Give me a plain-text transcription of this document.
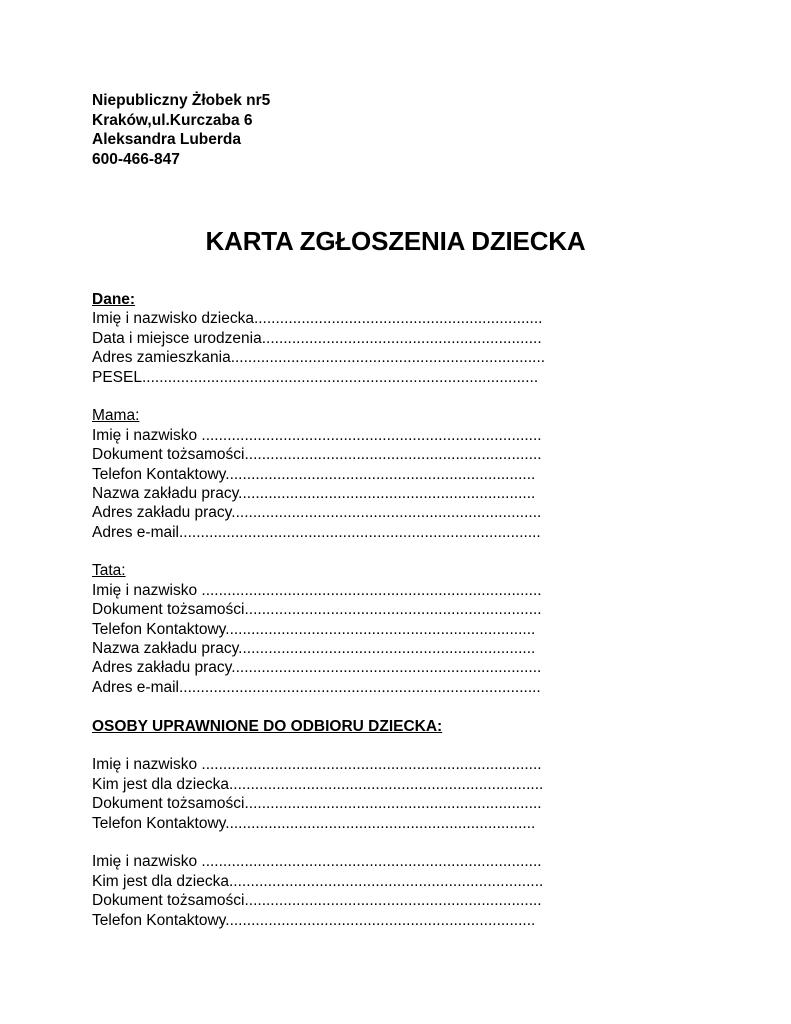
Niepubliczny Żłobek nr5
Kraków,ul.Kurczaba 6
Aleksandra Luberda
600-466-847
KARTA ZGŁOSZENIA DZIECKA
Dane:
Imię i nazwisko dziecka...................................................................
Data i miejsce urodzenia.................................................................
Adres zamieszkania.........................................................................
PESEL............................................................................................
Mama:
Imię i nazwisko ...............................................................................
Dokument tożsamości.....................................................................
Telefon Kontaktowy........................................................................
Nazwa zakładu pracy.....................................................................
Adres zakładu pracy........................................................................
Adres e-mail....................................................................................
Tata:
Imię i nazwisko ...............................................................................
Dokument tożsamości.....................................................................
Telefon Kontaktowy........................................................................
Nazwa zakładu pracy.....................................................................
Adres zakładu pracy........................................................................
Adres e-mail....................................................................................
OSOBY UPRAWNIONE DO ODBIORU DZIECKA:
Imię i nazwisko ...............................................................................
Kim jest dla dziecka.........................................................................
Dokument tożsamości.....................................................................
Telefon Kontaktowy........................................................................
Imię i nazwisko ...............................................................................
Kim jest dla dziecka.........................................................................
Dokument tożsamości.....................................................................
Telefon Kontaktowy........................................................................
